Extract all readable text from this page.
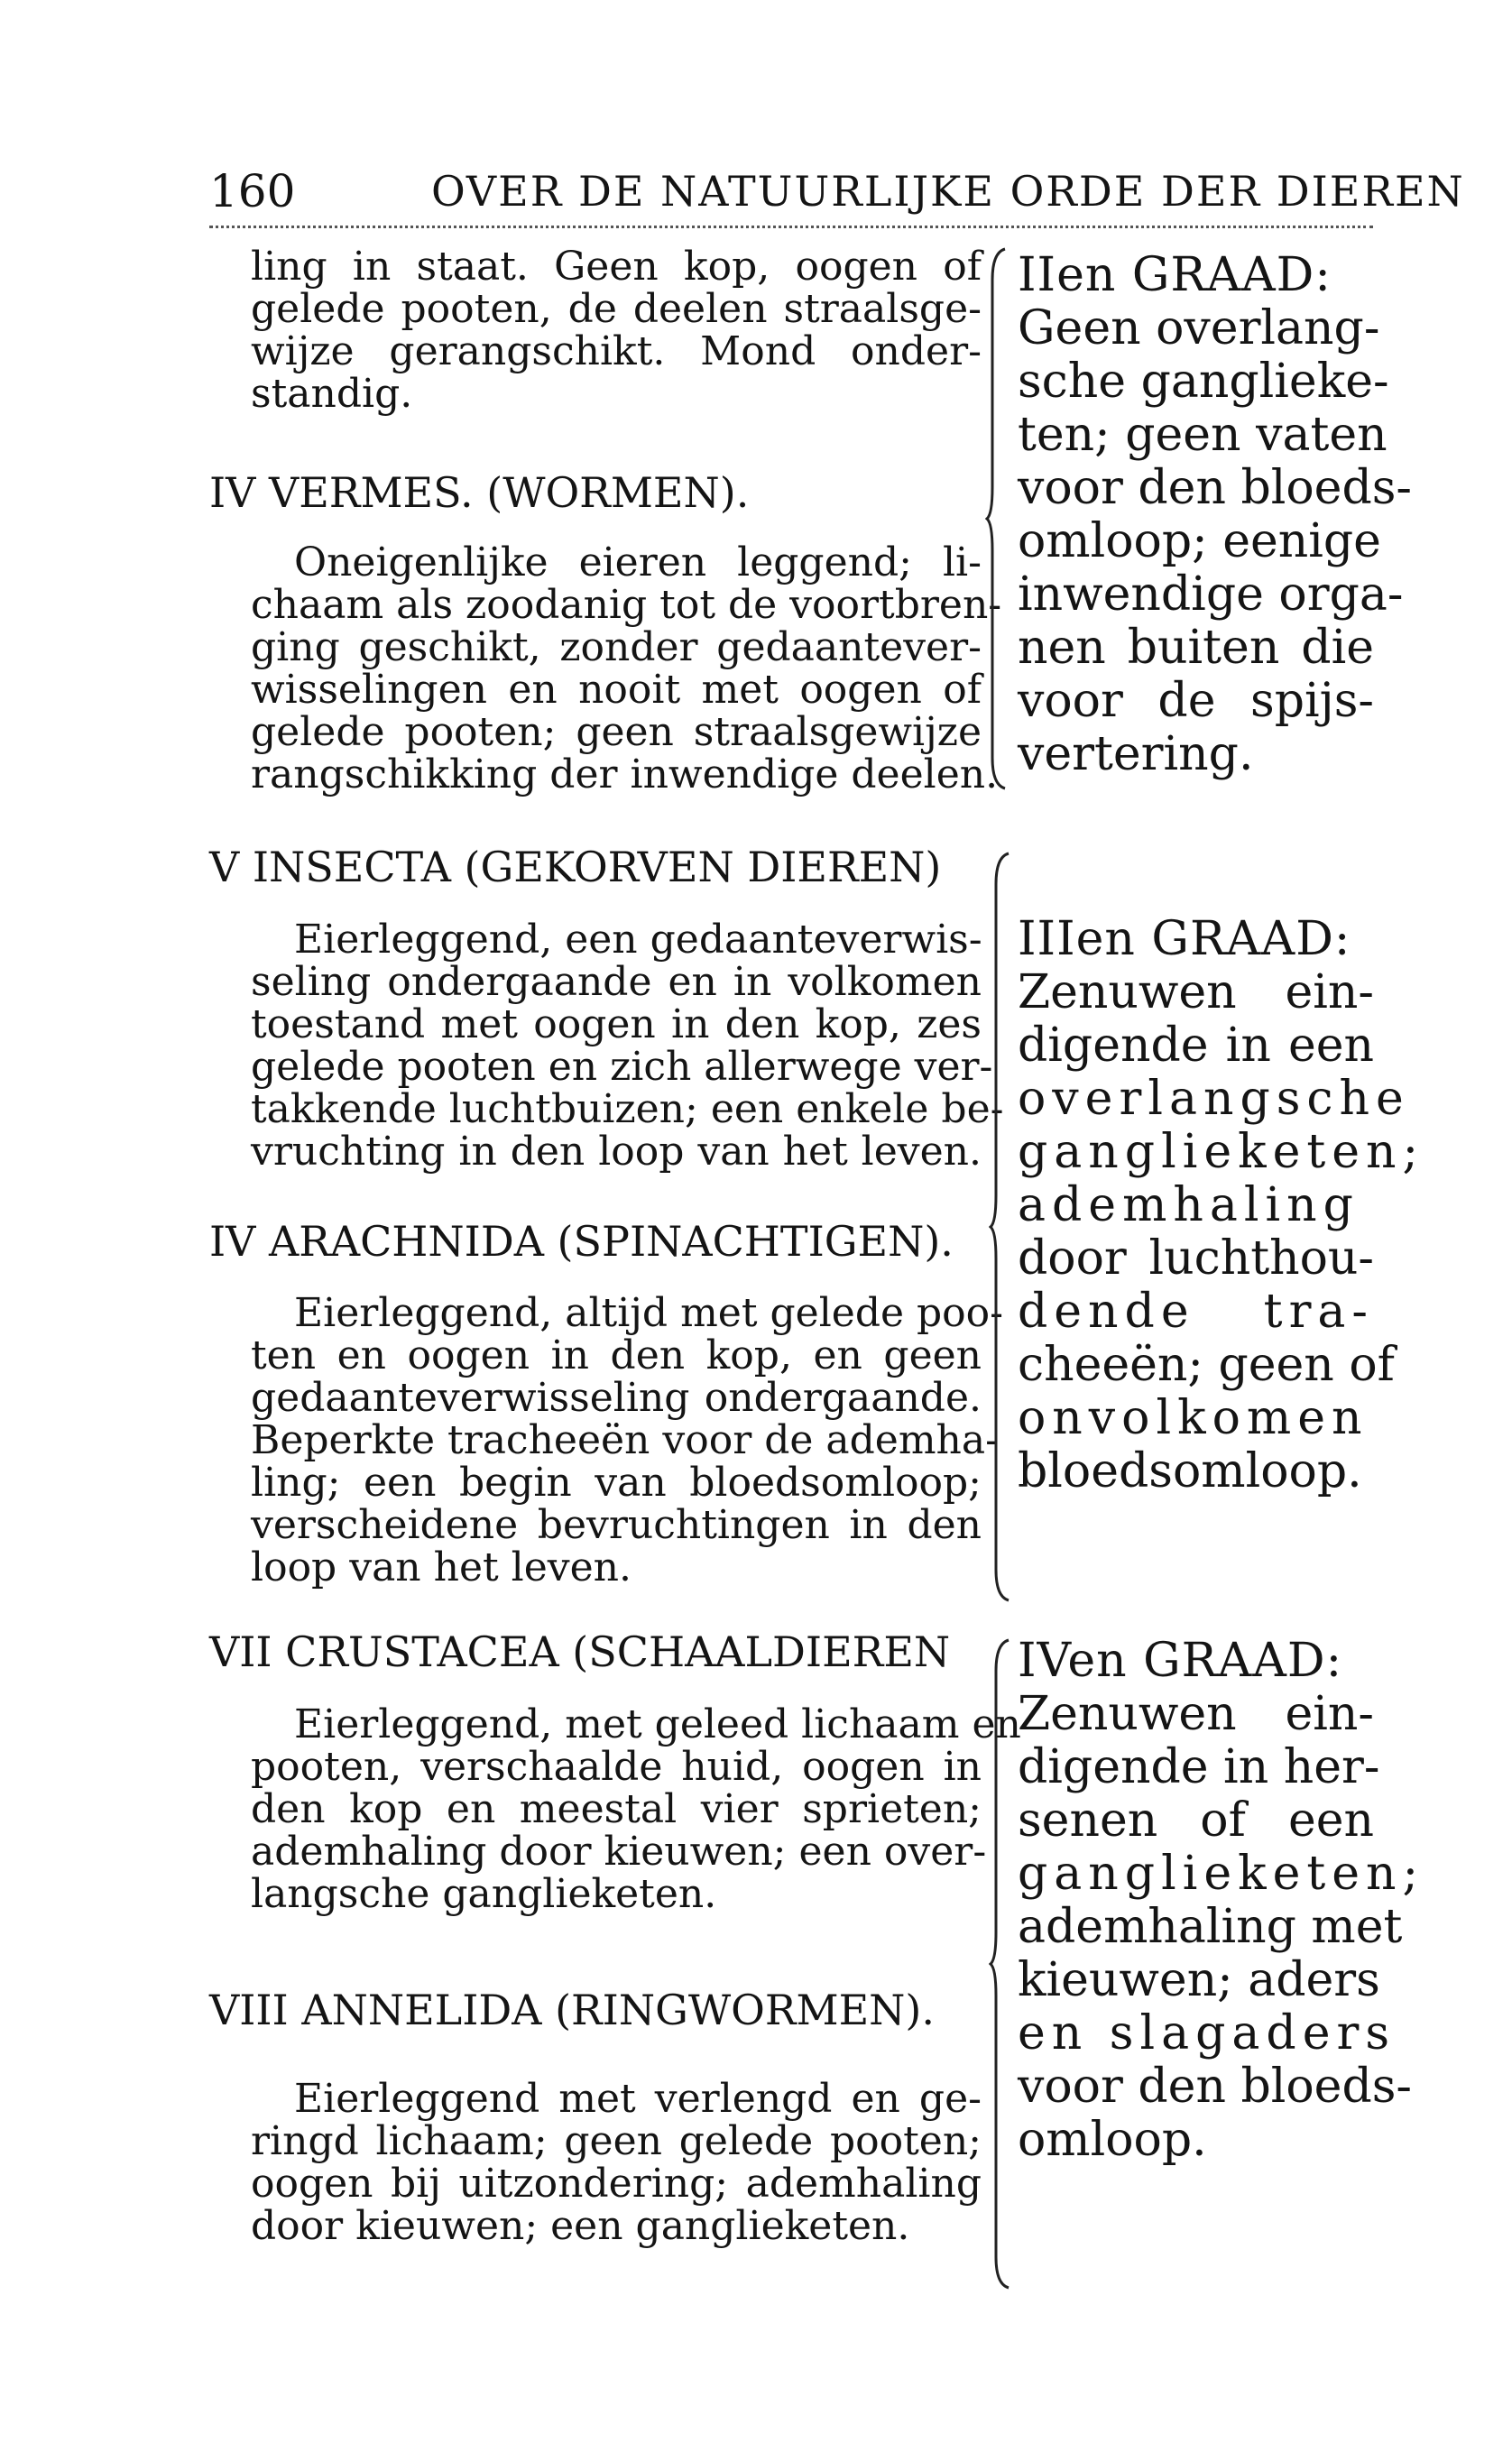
160	OVER DE NATUURLIJKE ORDE DER DIEREN
ling in staat. Geen kop, oogen of
gelede pooten, de deelen straalsge-
wijze gerangschikt. Mond onder-
standig.
IV VERMES. (WORMEN).
Oneigenlijke eieren leggend; li-
chaam als zoodanig tot de voortbren-
ging geschikt, zonder gedaantever-
wisselingen en nooit met oogen of
gelede pooten; geen straalsgewijze
rangschikking der inwendige deelen.
V INSECTA (GEKORVEN DIEREN)
Eierleggend, een gedaanteverwis-
seling ondergaande en in volkomen
toestand met oogen in den kop, zes
gelede pooten en zich allerwege ver-
takkende luchtbuizen; een enkele be-
vruchting in den loop van het leven.
IV ARACHNIDA (SPINACHTIGEN).
Eierleggend, altijd met gelede poo-
ten en oogen in den kop, en geen
gedaanteverwisseling ondergaande.
Beperkte tracheeën voor de ademha-
ling; een begin van bloedsomloop;
verscheidene bevruchtingen in den
loop van het leven.
VII CRUSTACEA (SCHAALDIEREN
Eierleggend, met geleed lichaam en
pooten, verschaalde huid, oogen in
den kop en meestal vier sprieten;
ademhaling door kieuwen; een over-
langsche ganglieketen.
VIII ANNELIDA (RINGWORMEN).
Eierleggend met verlengd en ge-
ringd lichaam; geen gelede pooten;
oogen bij uitzondering; ademhaling
door kieuwen; een ganglieketen.
IIen GRAAD:
Geen overlang-
sche ganglieke-
ten; geen vaten
voor den bloeds-
omloop; eenige
inwendige orga-
nen buiten die
voor de spijs-
vertering.
IIIen GRAAD:
Zenuwen ein-
digende in een
overlangsche
ganglieketen;
ademhaling
door luchthou-
dende tra-
cheeën; geen of
onvolkomen
bloedsomloop.
IVen GRAAD:
Zenuwen ein-
digende in her-
senen of een
ganglieketen;
ademhaling met
kieuwen; aders
en slagaders
voor den bloeds-
omloop.
